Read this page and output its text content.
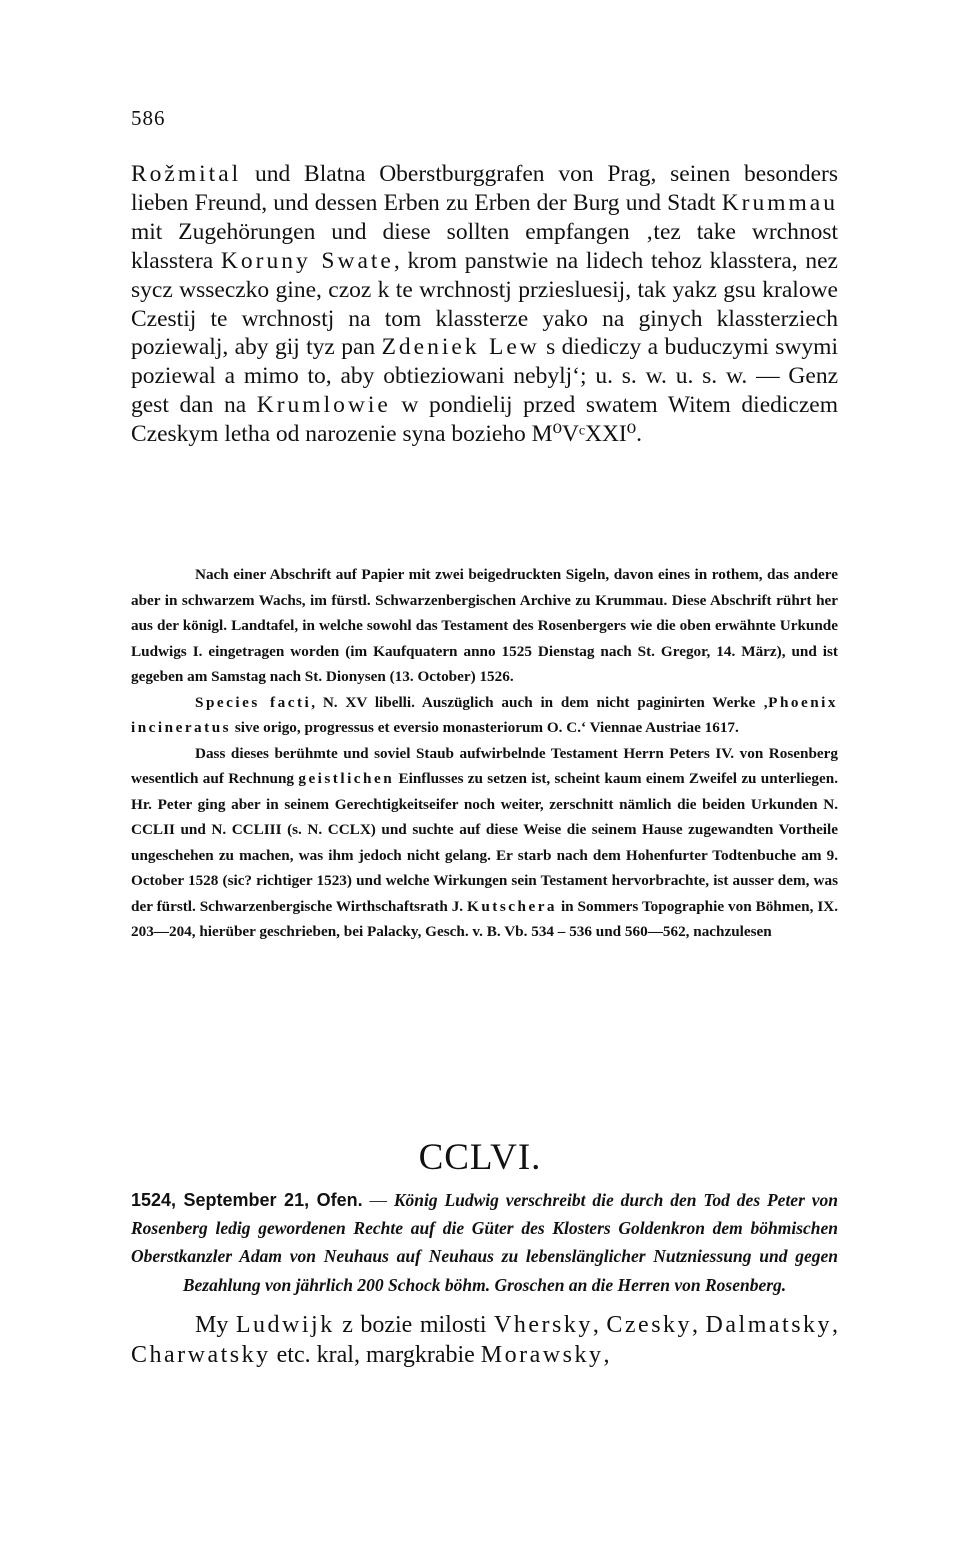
586

Rožmital und Blatna Oberstburggrafen von Prag, seinen besonders lieben Freund, und dessen Erben zu Erben der Burg und Stadt Krummau mit Zugehörungen und diese sollten empfangen ‚tez take wrchnost klasstera Koruny Swate, krom panstwie na lidech tehoz klasstera, nez sycz wsseczko gine, czoz k te wrchnostj prziesluesij, tak yakz gsu kralowe Czestij te wrchnostj na tom klassterze yako na ginych klassterziech poziewalj, aby gij tyz pan Zdeniek Lew s diediczy a buduczymi swymi poziewal a mimo to, aby obtieziowani nebylj‘; u. s. w. u. s. w. — Genz gest dan na Krumlowie w pondielij przed swatem Witem diediczem Czeskym letha od narozenie syna bozieho M⁰VᶜXXI⁰.

Nach einer Abschrift auf Papier mit zwei beigedruckten Sigeln, davon eines in rothem, das andere aber in schwarzem Wachs, im fürstl. Schwarzenbergischen Archive zu Krummau. Diese Abschrift rührt her aus der königl. Landtafel, in welche sowohl das Testament des Rosenbergers wie die oben erwähnte Urkunde Ludwigs I. eingetragen worden (im Kaufquatern anno 1525 Dienstag nach St. Gregor, 14. März), und ist gegeben am Samstag nach St. Dionysen (13. October) 1526.

Species facti, N. XV libelli. Auszüglich auch in dem nicht paginirten Werke ‚Phoenix incineratus sive origo, progressus et eversio monasteriorum O. C.‘ Viennae Austriae 1617.

Dass dieses berühmte und soviel Staub aufwirbelnde Testament Herrn Peters IV. von Rosenberg wesentlich auf Rechnung geistlichen Einflusses zu setzen ist, scheint kaum einem Zweifel zu unterliegen. Hr. Peter ging aber in seinem Gerechtigkeitseifer noch weiter, zerschnitt nämlich die beiden Urkunden N. CCLII und N. CCLIII (s. N. CCLX) und suchte auf diese Weise die seinem Hause zugewandten Vortheile ungeschehen zu machen, was ihm jedoch nicht gelang. Er starb nach dem Hohenfurter Todtenbuche am 9. October 1528 (sic? richtiger 1523) und welche Wirkungen sein Testament hervorbrachte, ist ausser dem, was der fürstl. Schwarzenbergische Wirthschaftsrath J. Kutschera in Sommers Topographie von Böhmen, IX. 203—204, hierüber geschrieben, bei Palacky, Gesch. v. B. Vb. 534 – 536 und 560—562, nachzulesen

CCLVI.
1524, September 21, Ofen. — König Ludwig verschreibt die durch den Tod des Peter von Rosenberg ledig gewordenen Rechte auf die Güter des Klosters Goldenkron dem böhmischen Oberstkanzler Adam von Neuhaus auf Neuhaus zu lebenslänglicher Nutzniessung und gegen Bezahlung von jährlich 200 Schock böhm. Groschen an die Herren von Rosenberg.
My Ludwijk z bozie milosti Vhersky, Czesky, Dalmatsky, Charwatsky etc. kral, margkrabie Morawsky,
